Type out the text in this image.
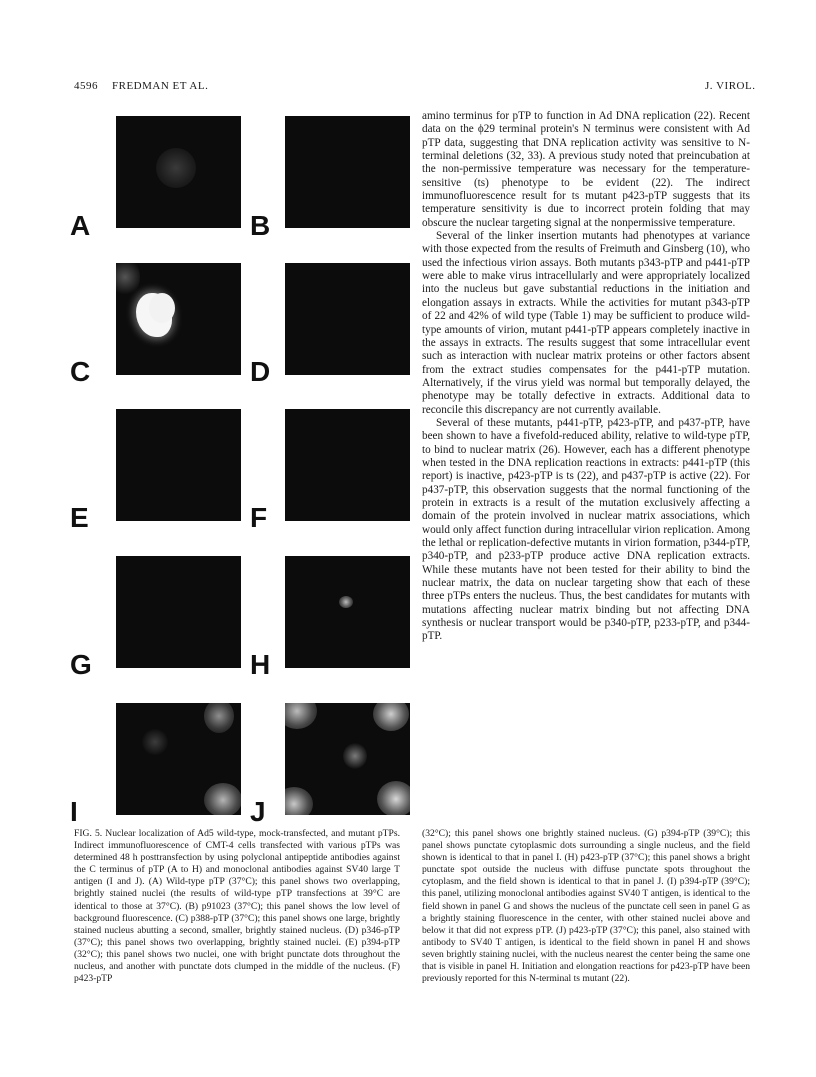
4596 FREDMAN ET AL.	J. VIROL.
A	B
C	D
E	F
G	H
I	J

FIG. 5. Nuclear localization of Ad5 wild-type, mock-transfected, and mutant pTPs. Indirect immunofluorescence of CMT-4 cells transfected with various pTPs was determined 48 h posttransfection by using polyclonal antipeptide antibodies against the C terminus of pTP (A to H) and monoclonal antibodies against SV40 large T antigen (I and J). (A) Wild-type pTP (37°C); this panel shows two overlapping, brightly stained nuclei (the results of wild-type pTP transfections at 39°C are identical to those at 37°C). (B) p91023 (37°C); this panel shows the low level of background fluorescence. (C) p388-pTP (37°C); this panel shows one large, brightly stained nucleus abutting a second, smaller, brightly stained nucleus. (D) p346-pTP (37°C); this panel shows two overlapping, brightly stained nuclei. (E) p394-pTP (32°C); this panel shows two nuclei, one with bright punctate dots throughout the nucleus, and another with punctate dots clumped in the middle of the nucleus. (F) p423-pTP

(32°C); this panel shows one brightly stained nucleus. (G) p394-pTP (39°C); this panel shows punctate cytoplasmic dots surrounding a single nucleus, and the field shown is identical to that in panel I. (H) p423-pTP (37°C); this panel shows a bright punctate spot outside the nucleus with diffuse punctate spots throughout the cytoplasm, and the field shown is identical to that in panel J. (I) p394-pTP (39°C); this panel, utilizing monoclonal antibodies against SV40 T antigen, is identical to the field shown in panel G and shows the nucleus of the punctate cell seen in panel G as a brightly staining fluorescence in the center, with other stained nuclei above and below it that did not express pTP. (J) p423-pTP (37°C); this panel, also stained with antibody to SV40 T antigen, is identical to the field shown in panel H and shows seven brightly staining nuclei, with the nucleus nearest the center being the same one that is visible in panel H. Initiation and elongation reactions for p423-pTP have been previously reported for this N-terminal ts mutant (22).

amino terminus for pTP to function in Ad DNA replication (22). Recent data on the ϕ29 terminal protein's N terminus were consistent with Ad pTP data, suggesting that DNA replication activity was sensitive to N-terminal deletions (32, 33). A previous study noted that preincubation at the non-permissive temperature was necessary for the temperature-sensitive (ts) phenotype to be evident (22). The indirect immunofluorescence result for ts mutant p423-pTP suggests that its temperature sensitivity is due to incorrect protein folding that may obscure the nuclear targeting signal at the nonpermissive temperature.

Several of the linker insertion mutants had phenotypes at variance with those expected from the results of Freimuth and Ginsberg (10), who used the infectious virion assays. Both mutants p343-pTP and p441-pTP were able to make virus intracellularly and were appropriately localized into the nucleus but gave substantial reductions in the initiation and elongation assays in extracts. While the activities for mutant p343-pTP of 22 and 42% of wild type (Table 1) may be sufficient to produce wild-type amounts of virion, mutant p441-pTP appears completely inactive in the assays in extracts. The results suggest that some intracellular event such as interaction with nuclear matrix proteins or other factors absent from the extract studies compensates for the p441-pTP mutation. Alternatively, if the virus yield was normal but temporally delayed, the phenotype may be totally defective in extracts. Additional data to reconcile this discrepancy are not currently available.

Several of these mutants, p441-pTP, p423-pTP, and p437-pTP, have been shown to have a fivefold-reduced ability, relative to wild-type pTP, to bind to nuclear matrix (26). However, each has a different phenotype when tested in the DNA replication reactions in extracts: p441-pTP (this report) is inactive, p423-pTP is ts (22), and p437-pTP is active (22). For p437-pTP, this observation suggests that the normal functioning of the protein in extracts is a result of the mutation exclusively affecting a domain of the protein involved in nuclear matrix associations, which would only affect function during intracellular virion replication. Among the lethal or replication-defective mutants in virion formation, p344-pTP, p340-pTP, and p233-pTP produce active DNA replication extracts. While these mutants have not been tested for their ability to bind the nuclear matrix, the data on nuclear targeting show that each of these three pTPs enters the nucleus. Thus, the best candidates for mutants with mutations affecting nuclear matrix binding but not affecting DNA synthesis or nuclear transport would be p340-pTP, p233-pTP, and p344-pTP.
